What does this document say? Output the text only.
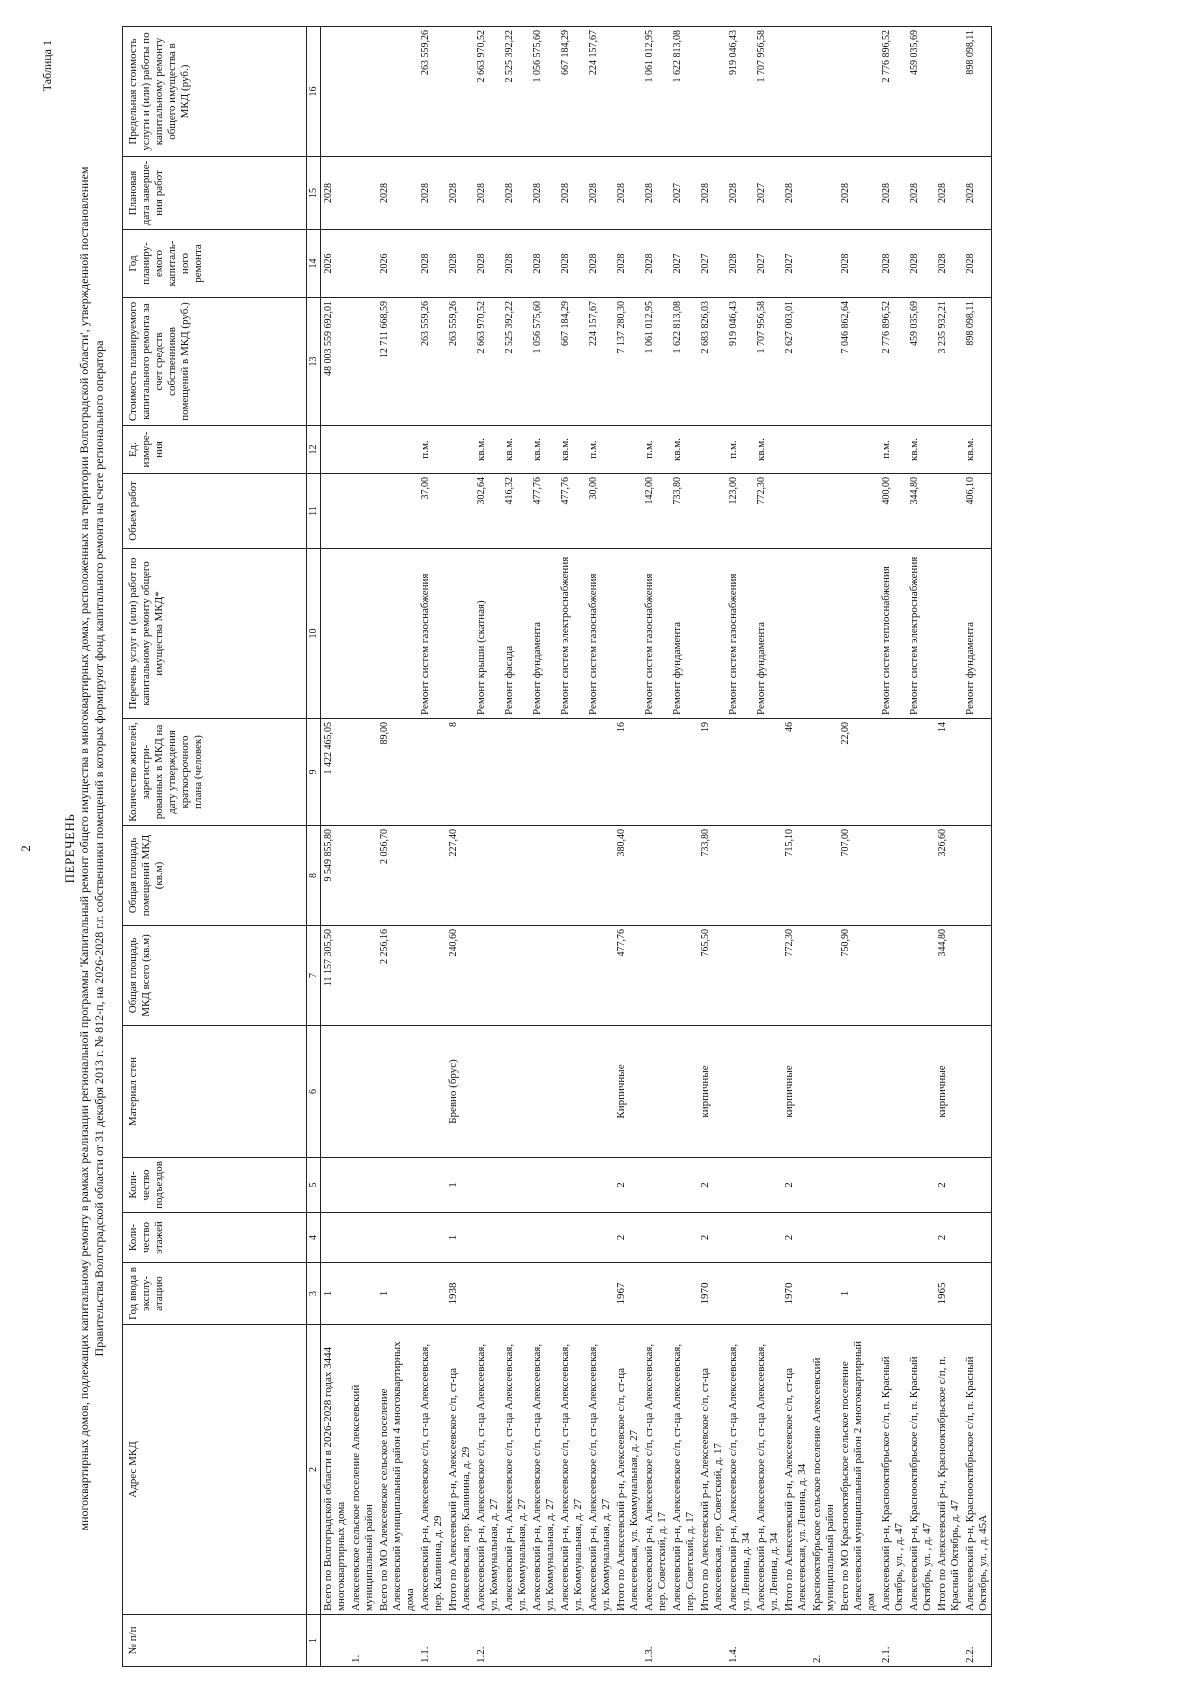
2
Таблица 1
ПЕРЕЧЕНЬ многоквартирных домов, подлежащих капитальному ремонту в рамках реализации региональной программы 'Капитальный ремонт общего имущества в многоквартирных домах, расположенных на территории Волгоградской области', утвержденной постановлением Правительства Волгоградской области от 31 декабря 2013 г. № 812-п, на 2026-2028 г.г. собственники помещений в которых формируют фонд капитального ремонта на счете регионального оператора
№ п/п	Адрес МКД	Год ввода в эксплу-атацию	Коли-чество этажей	Коли-чество подъездов	Материал стен	Общая площадь МКД всего (кв.м)	Общая площадь помещений МКД (кв.м)	Количество жителей, зарегистри-рованных в МКД на дату утверждения краткосрочного плана (человек)	Перечень услуг и (или) работ по капитальному ремонту общего имущества МКД*	Объем работ	Ед. измере-ния	Стоимость планируемого капитального ремонта за счет средств собственников помещений в МКД (руб.)	Год планиру-емого капиталь-ного ремонта	Плановая дата заверше-ния работ	Предельная стоимость услуги и (или) работы по капитальному ремонту общего имущества в МКД (руб.)
1	2	3	4	5	6	7	8	9	10	11	12	13	14	15	16
	Всего по Волгоградской области в 2026-2028 годах 3444 многоквартирных дома	1				11 157 305,50	9 549 855,80	1 422 465,05				48 003 559 692,01	2026	2028	
1.	Алексеевское сельское поселение Алексеевский муниципальный район														
	Всего по МО Алексеевское сельское поселение Алексеевский муниципальный район 4 многоквартирных дома	1				2 256,16	2 056,70	89,00				12 711 668,59	2026	2028	
1.1.	Алексеевский р-н, Алексеевское с/п, ст-ца Алексеевская, пер. Калинина, д. 29								Ремонт систем газоснабжения	37,00	п.м.	263 559,26	2028	2028	263 559,26
	Итого по Алексеевский р-н, Алексеевское с/п, ст-ца Алексеевская, пер. Калинина, д. 29	1938	1	1	Бревно (брус)	240,60	227,40	8				263 559,26	2028	2028	
1.2.	Алексеевский р-н, Алексеевское с/п, ст-ца Алексеевская, ул. Коммунальная, д. 27								Ремонт крыши (скатная)	302,64	кв.м.	2 663 970,52	2028	2028	2 663 970,52
	Алексеевский р-н, Алексеевское с/п, ст-ца Алексеевская, ул. Коммунальная, д. 27								Ремонт фасада	416,32	кв.м.	2 525 392,22	2028	2028	2 525 392,22
	Алексеевский р-н, Алексеевское с/п, ст-ца Алексеевская, ул. Коммунальная, д. 27								Ремонт фундамента	477,76	кв.м.	1 056 575,60	2028	2028	1 056 575,60
	Алексеевский р-н, Алексеевское с/п, ст-ца Алексеевская, ул. Коммунальная, д. 27								Ремонт систем электроснабжения	477,76	кв.м.	667 184,29	2028	2028	667 184,29
	Алексеевский р-н, Алексеевское с/п, ст-ца Алексеевская, ул. Коммунальная, д. 27								Ремонт систем газоснабжения	30,00	п.м.	224 157,67	2028	2028	224 157,67
	Итого по Алексеевский р-н, Алексеевское с/п, ст-ца Алексеевская, ул. Коммунальная, д. 27	1967	2	2	Кирпичные	477,76	380,40	16				7 137 280,30	2028	2028	
1.3.	Алексеевский р-н, Алексеевское с/п, ст-ца Алексеевская, пер. Советский, д. 17								Ремонт систем газоснабжения	142,00	п.м.	1 061 012,95	2028	2028	1 061 012,95
	Алексеевский р-н, Алексеевское с/п, ст-ца Алексеевская, пер. Советский, д. 17								Ремонт фундамента	733,80	кв.м.	1 622 813,08	2027	2027	1 622 813,08
	Итого по Алексеевский р-н, Алексеевское с/п, ст-ца Алексеевская, пер. Советский, д. 17	1970	2	2	кирпичные	765,50	733,80	19				2 683 826,03	2027	2028	
1.4.	Алексеевский р-н, Алексеевское с/п, ст-ца Алексеевская, ул. Ленина, д. 34								Ремонт систем газоснабжения	123,00	п.м.	919 046,43	2028	2028	919 046,43
	Алексеевский р-н, Алексеевское с/п, ст-ца Алексеевская, ул. Ленина, д. 34								Ремонт фундамента	772,30	кв.м.	1 707 956,58	2027	2027	1 707 956,58
	Итого по Алексеевский р-н, Алексеевское с/п, ст-ца Алексеевская, ул. Ленина, д. 34	1970	2	2	кирпичные	772,30	715,10	46				2 627 003,01	2027	2028	
2.	Краснооктябрьское сельское поселение Алексеевский муниципальный район														
	Всего по МО Краснооктябрьское сельское поселение Алексеевский муниципальный район 2 многоквартирный дом	1				750,90	707,00	22,00				7 046 862,64	2028	2028	
2.1.	Алексеевский р-н, Краснооктябрьское с/п, п. Красный Октябрь, ул. , д. 47								Ремонт систем теплоснабжения	400,00	п.м.	2 776 896,52	2028	2028	2 776 896,52
	Алексеевский р-н, Краснооктябрьское с/п, п. Красный Октябрь, ул. , д. 47								Ремонт систем электроснабжения	344,80	кв.м.	459 035,69	2028	2028	459 035,69
	Итого по Алексеевский р-н, Краснооктябрьское с/п, п. Красный Октябрь, д. 47	1965	2	2	кирпичные	344,80	326,60	14				3 235 932,21	2028	2028	
2.2.	Алексеевский р-н, Краснооктябрьское с/п, п. Красный Октябрь, ул. , д. 45А								Ремонт фундамента	406,10	кв.м.	898 098,11	2028	2028	898 098,11
